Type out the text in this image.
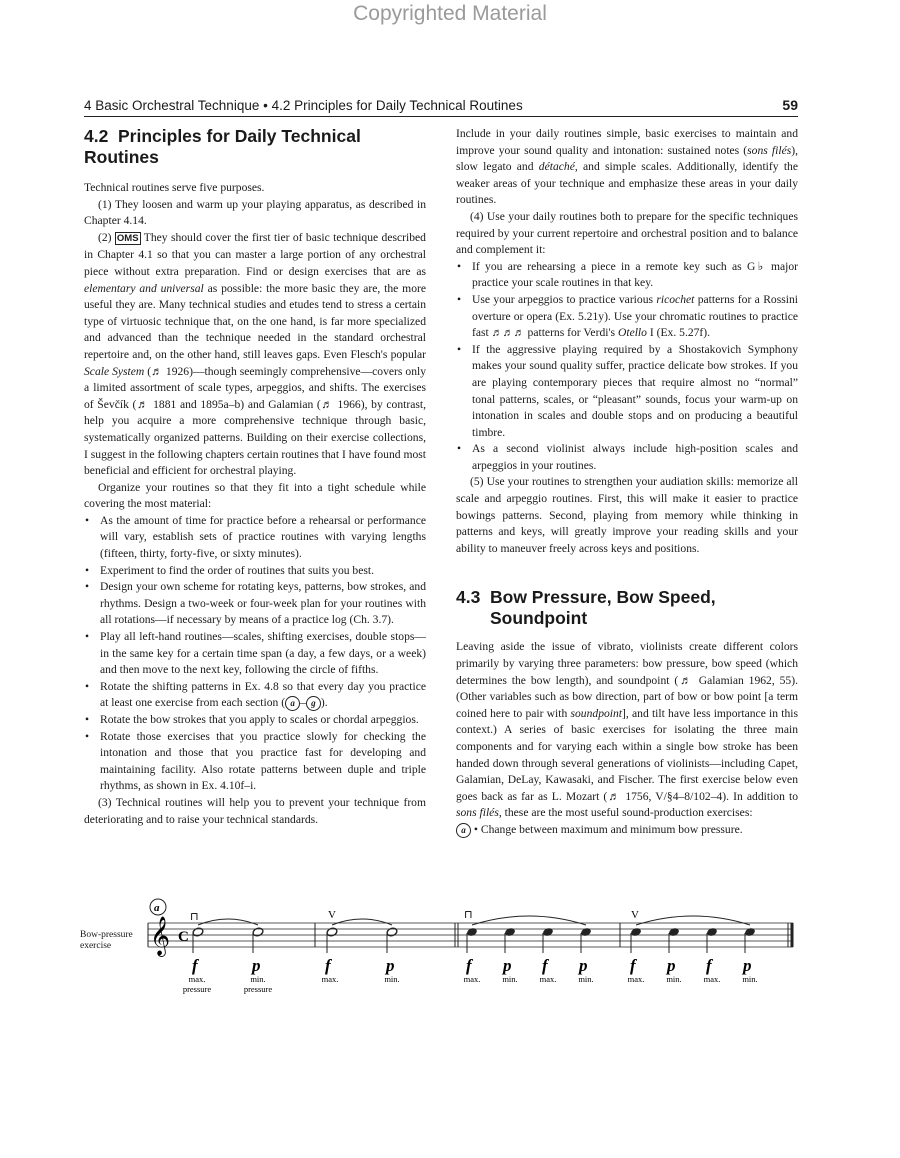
Copyrighted Material
4 Basic Orchestral Technique • 4.2 Principles for Daily Technical Routines	59
4.2 Principles for Daily Technical Routines

Technical routines serve five purposes.

(1) They loosen and warm up your playing apparatus, as described in Chapter 4.14.

(2) OMS They should cover the first tier of basic technique described in Chapter 4.1 so that you can master a large portion of any orchestral piece without extra preparation. Find or design exercises that are as elementary and universal as possible: the more basic they are, the more useful they are. Many technical studies and etudes tend to stress a certain type of virtuosic technique that, on the one hand, is far more specialized and advanced than the technique needed in the standard orchestral repertoire and, on the other hand, still leaves gaps. Even Flesch's popular Scale System (♬ 1926)—though seemingly comprehensive—covers only a limited assortment of scale types, arpeggios, and shifts. The exercises of Ševčík (♬ 1881 and 1895a–b) and Galamian (♬ 1966), by contrast, help you acquire a more comprehensive technique through basic, systematically organized patterns. Building on their exercise collections, I suggest in the following chapters certain routines that I have found most beneficial and efficient for orchestral playing.

Organize your routines so that they fit into a tight schedule while covering the most material:

• As the amount of time for practice before a rehearsal or performance will vary, establish sets of practice routines with varying lengths (fifteen, thirty, forty-five, or sixty minutes).
• Experiment to find the order of routines that suits you best.
• Design your own scheme for rotating keys, patterns, bow strokes, and rhythms. Design a two-week or four-week plan for your routines with all rotations—if necessary by means of a practice log (Ch. 3.7).
• Play all left-hand routines—scales, shifting exercises, double stops—in the same key for a certain time span (a day, a few days, or a week) and then move to the next key, following the circle of fifths.
• Rotate the shifting patterns in Ex. 4.8 so that every day you practice at least one exercise from each section ( a – g ).
• Rotate the bow strokes that you apply to scales or chordal arpeggios.
• Rotate those exercises that you practice slowly for checking the intonation and those that you practice fast for developing and maintaining facility. Also rotate patterns between duple and triple rhythms, as shown in Ex. 4.10f–i.

(3) Technical routines will help you to prevent your technique from deteriorating and to raise your technical standards.

Include in your daily routines simple, basic exercises to maintain and improve your sound quality and intonation: sustained notes (sons filés), slow legato and détaché, and simple scales. Additionally, identify the weaker areas of your technique and emphasize these areas in your daily routines.

(4) Use your daily routines both to prepare for the specific techniques required by your current repertoire and orchestral position and to balance and complement it:

• If you are rehearsing a piece in a remote key such as G♭ major practice your scale routines in that key.
• Use your arpeggios to practice various ricochet patterns for a Rossini overture or opera (Ex. 5.21y). Use your chromatic routines to practice fast ♬♬♬ patterns for Verdi's Otello I (Ex. 5.27f).
• If the aggressive playing required by a Shostakovich Symphony makes your sound quality suffer, practice delicate bow strokes. If you are playing contemporary pieces that require almost no “normal” tonal patterns, scales, or “pleasant” sounds, focus your warm-up on intonation in scales and double stops and on producing a beautiful timbre.
• As a second violinist always include high-position scales and arpeggios in your routines.

(5) Use your routines to strengthen your audiation skills: memorize all scale and arpeggio routines. First, this will make it easier to practice bowings patterns. Second, playing from memory while thinking in patterns and keys, will greatly improve your reading skills and your ability to maneuver freely across keys and positions.

4.3 Bow Pressure, Bow Speed,
Soundpoint

Leaving aside the issue of vibrato, violinists create different colors primarily by varying three parameters: bow pressure, bow speed (which determines the bow length), and soundpoint (♬ Galamian 1962, 55). (Other variables such as bow direction, part of bow or bow point [a term coined here to pair with soundpoint], and tilt have less importance in this context.) A series of basic exercises for isolating the three main components and for varying each within a single bow stroke has been handed down through several generations of violinists—including Capet, Galamian, DeLay, Kawasaki, and Fischer. The first exercise below even goes back as far as L. Mozart (♬ 1756, V/§4–8/102–4). In addition to sons filés, these are the most useful sound-production exercises:

a • Change between maximum and minimum bow pressure.

Bow-pressure exercise	𝄞 C
a
⊓	V	⊓	V
f	p	f	p	f p f p	f p f p
max.
pressure
min.
pressure
max.	min.	max.	min.	max.	min.	max.	min.	max.	min.
